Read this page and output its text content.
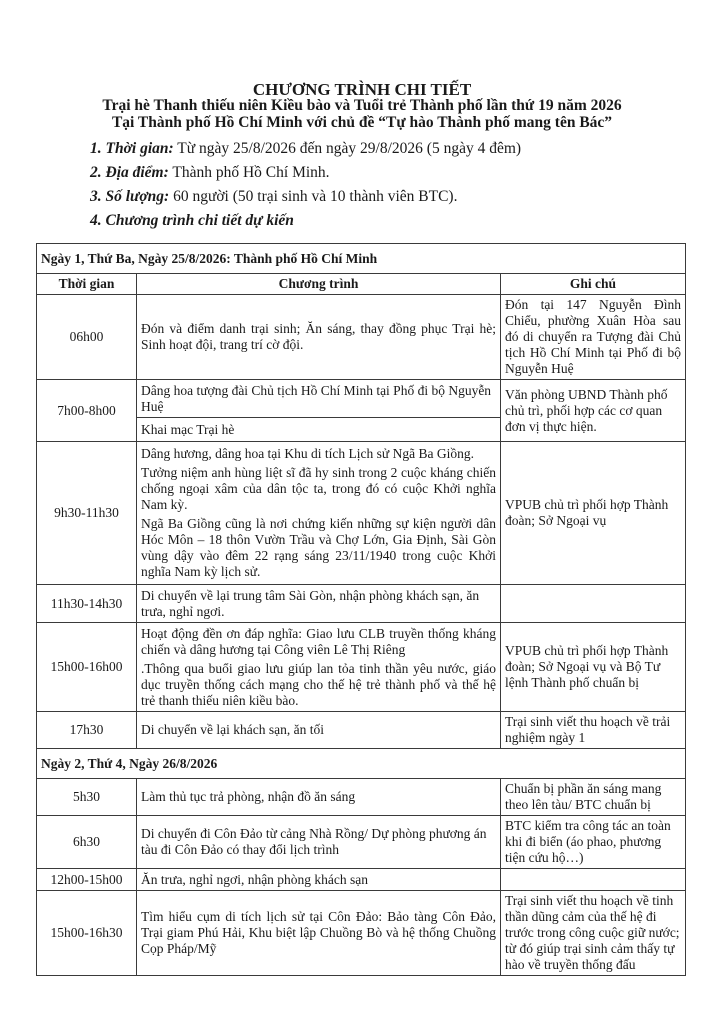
CHƯƠNG TRÌNH CHI TIẾT
Trại hè Thanh thiếu niên Kiều bào và Tuổi trẻ Thành phố lần thứ 19 năm 2026
Tại Thành phố Hồ Chí Minh với chủ đề “Tự hào Thành phố mang tên Bác”
1. Thời gian: Từ ngày 25/8/2026 đến ngày 29/8/2026 (5 ngày 4 đêm)
2. Địa điểm: Thành phố Hồ Chí Minh.
3. Số lượng: 60 người (50 trại sinh và 10 thành viên BTC).
4. Chương trình chi tiết dự kiến
Ngày 1, Thứ Ba, Ngày 25/8/2026: Thành phố Hồ Chí Minh		
Thời gian	Chương trình	Ghi chú
06h00	Đón và điểm danh trại sinh; Ăn sáng, thay đồng phục Trại hè; Sinh hoạt đội, trang trí cờ đội.	Đón tại 147 Nguyễn Đình Chiểu, phường Xuân Hòa sau đó di chuyển ra Tượng đài Chủ tịch Hồ Chí Minh tại Phố đi bộ Nguyễn Huệ
7h00-8h00	Dâng hoa tượng đài Chủ tịch Hồ Chí Minh tại Phố đi bộ Nguyễn Huệ	Văn phòng UBND Thành phố chủ trì, phối hợp các cơ quan đơn vị thực hiện.
	Khai mạc Trại hè	
9h30-11h30	Dâng hương, dâng hoa tại Khu di tích Lịch sử Ngã Ba Giồng.

Tưởng niệm anh hùng liệt sĩ đã hy sinh trong 2 cuộc kháng chiến chống ngoại xâm của dân tộc ta, trong đó có cuộc Khởi nghĩa Nam kỳ.

Ngã Ba Giồng cũng là nơi chứng kiến những sự kiện người dân Hóc Môn – 18 thôn Vườn Trầu và Chợ Lớn, Gia Định, Sài Gòn vùng dậy vào đêm 22 rạng sáng 23/11/1940 trong cuộc Khởi nghĩa Nam kỳ lịch sử.	VPUB chủ trì phối hợp Thành đoàn; Sở Ngoại vụ
11h30-14h30	Di chuyển về lại trung tâm Sài Gòn, nhận phòng khách sạn, ăn trưa, nghỉ ngơi.	

15h00-16h00	Hoạt động đền ơn đáp nghĩa: Giao lưu CLB truyền thống kháng chiến và dâng hương tại Công viên Lê Thị Riêng

.Thông qua buổi giao lưu giúp lan tỏa tinh thần yêu nước, giáo dục truyền thống cách mạng cho thế hệ trẻ thành phố và thế hệ trẻ thanh thiếu niên kiều bào.	VPUB chủ trì phối hợp Thành đoàn; Sở Ngoại vụ và Bộ Tư lệnh Thành phố chuẩn bị
17h30	Di chuyển về lại khách sạn, ăn tối	Trại sinh viết thu hoạch về trải nghiệm ngày 1
Ngày 2, Thứ 4, Ngày 26/8/2026		
5h30	Làm thủ tục trả phòng, nhận đồ ăn sáng	Chuẩn bị phần ăn sáng mang theo lên tàu/ BTC chuẩn bị
6h30	Di chuyển đi Côn Đảo từ cảng Nhà Rồng/ Dự phòng phương án tàu đi Côn Đảo có thay đổi lịch trình	BTC kiểm tra công tác an toàn khi đi biển (áo phao, phương tiện cứu hộ…)
12h00-15h00	Ăn trưa, nghỉ ngơi, nhận phòng khách sạn	

15h00-16h30	Tìm hiểu cụm di tích lịch sử tại Côn Đảo: Bảo tàng Côn Đảo, Trại giam Phú Hải, Khu biệt lập Chuồng Bò và hệ thống Chuồng Cọp Pháp/Mỹ	Trại sinh viết thu hoạch về tinh thần dũng cảm của thế hệ đi trước trong công cuộc giữ nước; từ đó giúp trại sinh cảm thấy tự hào về truyền thống đấu
